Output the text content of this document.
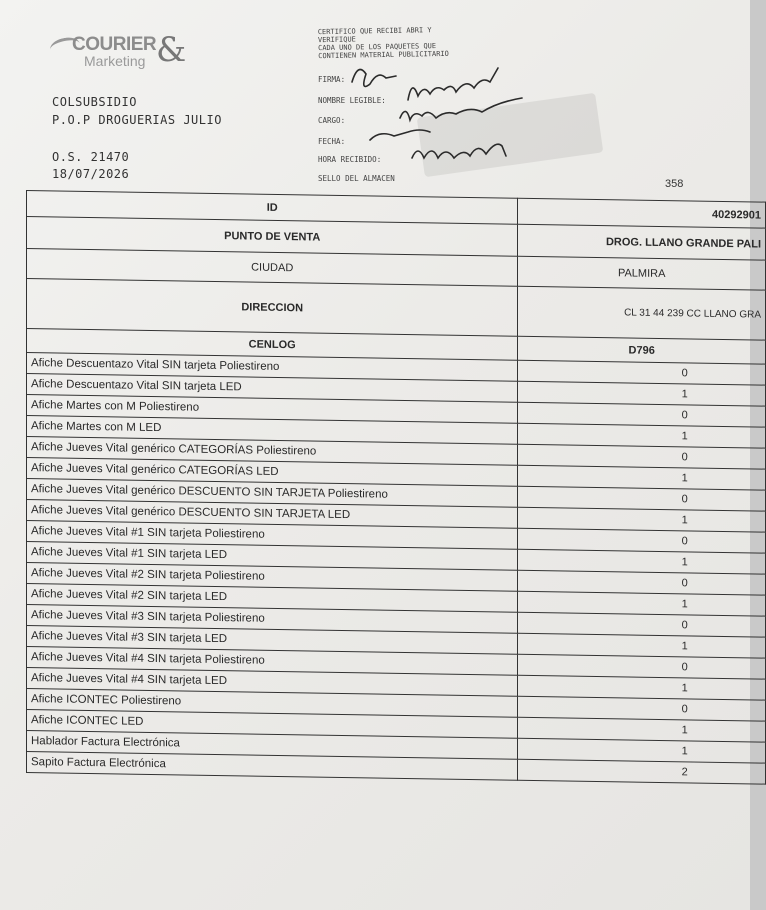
COURIER
Marketing &
COLSUBSIDIO
P.O.P DROGUERIAS JULIO
O.S. 21470
18/07/2026
CERTIFICO QUE RECIBI ABRI Y
VERIFIQUE
CADA UNO DE LOS PAQUETES QUE
CONTIENEN MATERIAL PUBLICITARIO
FIRMA:
NOMBRE LEGIBLE:
CARGO:
FECHA:
HORA RECIBIDO:
SELLO DEL ALMACEN	358
ID	40292901
PUNTO DE VENTA	DROG. LLANO GRANDE PALI
CIUDAD	PALMIRA
DIRECCION	CL 31 44 239 CC LLANO GRA
CENLOG	D796
Afiche Descuentazo Vital SIN tarjeta Poliestireno	0
Afiche Descuentazo Vital SIN tarjeta LED	1
Afiche Martes con M Poliestireno	0
Afiche Martes con M LED	1
Afiche Jueves Vital genérico CATEGORÍAS Poliestireno	0
Afiche Jueves Vital genérico CATEGORÍAS LED	1
Afiche Jueves Vital genérico DESCUENTO SIN TARJETA Poliestireno	0
Afiche Jueves Vital genérico DESCUENTO SIN TARJETA LED	1
Afiche Jueves Vital #1 SIN tarjeta Poliestireno	0
Afiche Jueves Vital #1 SIN tarjeta LED	1
Afiche Jueves Vital #2 SIN tarjeta Poliestireno	0
Afiche Jueves Vital #2 SIN tarjeta LED	1
Afiche Jueves Vital #3 SIN tarjeta Poliestireno	0
Afiche Jueves Vital #3 SIN tarjeta LED	1
Afiche Jueves Vital #4 SIN tarjeta Poliestireno	0
Afiche Jueves Vital #4 SIN tarjeta LED	1
Afiche ICONTEC Poliestireno	0
Afiche ICONTEC LED	1
Hablador Factura Electrónica	1
Sapito Factura Electrónica	2
